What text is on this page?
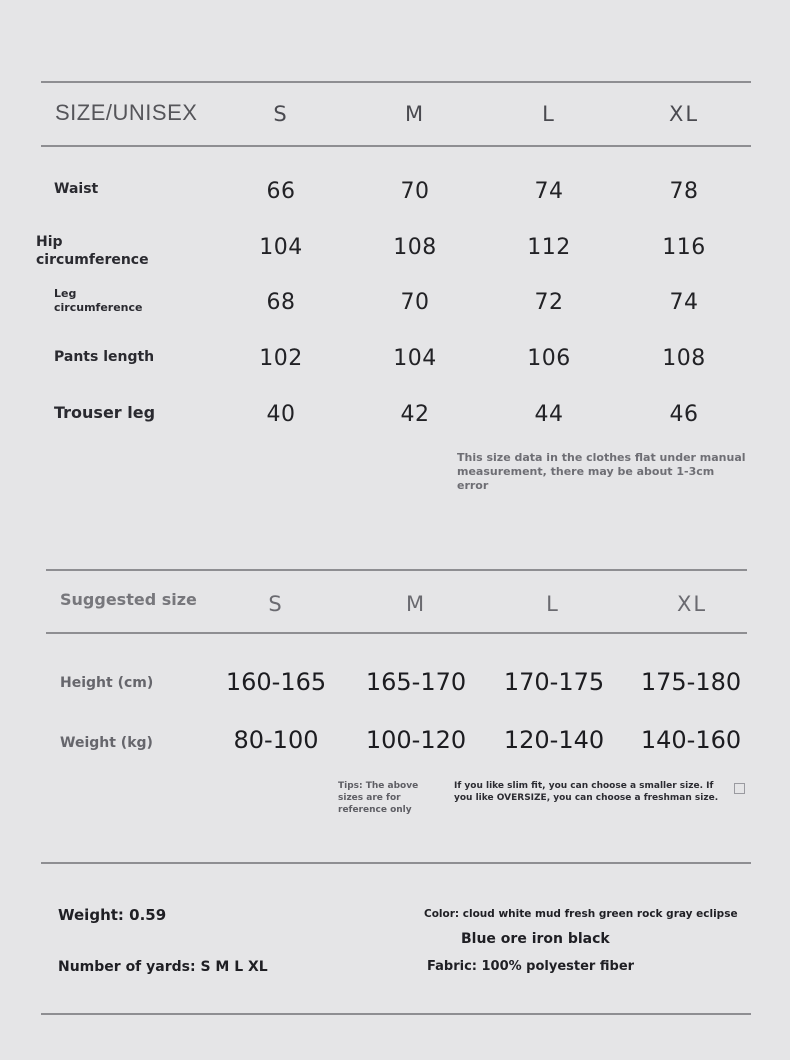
SIZE/UNISEX	S	M	L	XL
Waist	66	70	74	78
Hip circumference	104	108	112	116
Leg circumference	68	70	72	74
Pants length	102	104	106	108
Trouser leg	40	42	44	46
This size data in the clothes flat under manual measurement, there may be about 1-3cm error
Suggested size	S	M	L	XL
Height (cm)	160-165	165-170	170-175	175-180
Weight (kg)	80-100	100-120	120-140	140-160
Tips: The above sizes are for reference only
If you like slim fit, you can choose a smaller size. If you like OVERSIZE, you can choose a freshman size.
Weight: 0.59
Number of yards: S M L XL
Color: cloud white mud fresh green rock gray eclipse
Blue ore iron black
Fabric: 100% polyester fiber
